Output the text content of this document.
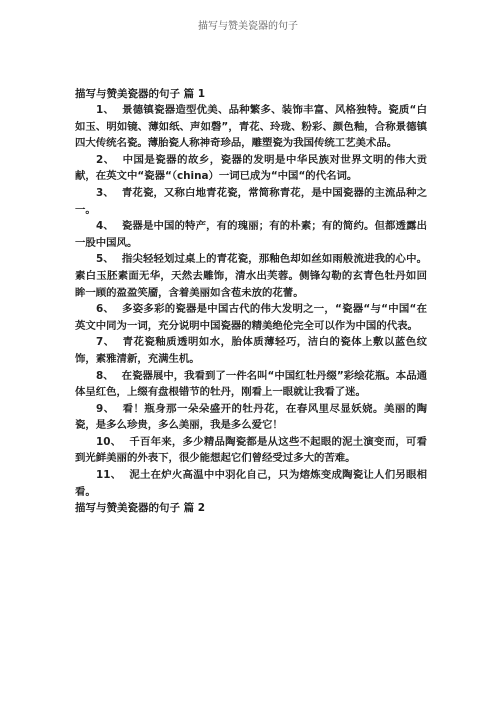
描写与赞美瓷器的句子

描写与赞美瓷器的句子 篇 1

1、 景德镇瓷器造型优美、品种繁多、装饰丰富、风格独特。瓷质“白如玉、明如镜、薄如纸、声如磬”，青花、玲珑、粉彩、颜色釉，合称景德镇四大传统名瓷。薄胎瓷人称神奇珍品，雕塑瓷为我国传统工艺美术品。

2、 中国是瓷器的故乡，瓷器的发明是中华民族对世界文明的伟大贡献，在英文中“瓷器“（china）一词已成为“中国“的代名词。

3、 青花瓷，又称白地青花瓷，常简称青花，是中国瓷器的主流品种之一。

4、 瓷器是中国的特产，有的瑰丽；有的朴素；有的简约。但都透露出一股中国风。

5、 指尖轻轻划过桌上的青花瓷，那釉色却如丝如雨般流进我的心中。素白玉胚素面无华，天然去雕饰，清水出芙蓉。侧锋勾勒的玄青色牡丹如回眸一顾的盈盈笑靥，含着美丽如含苞未放的花蕾。

6、 多姿多彩的瓷器是中国古代的伟大发明之一，“瓷器“与“中国“在英文中同为一词，充分说明中国瓷器的精美绝伦完全可以作为中国的代表。

7、 青花瓷釉质透明如水，胎体质薄轻巧，洁白的瓷体上敷以蓝色纹饰，素雅清新，充满生机。

8、 在瓷器展中，我看到了一件名叫“中国红牡丹缀”彩绘花瓶。本品通体呈红色，上缀有盘根错节的牡丹，刚看上一眼就让我看了迷。

9、 看！瓶身那一朵朵盛开的牡丹花，在春风里尽显妖娆。美丽的陶瓷，是多么珍贵，多么美丽，我是多么爱它！

10、 千百年来，多少精品陶瓷都是从这些不起眼的泥土演变而，可看到光鲜美丽的外表下，很少能想起它们曾经受过多大的苦难。

11、 泥土在炉火高温中中羽化自己，只为熔炼变成陶瓷让人们另眼相看。

描写与赞美瓷器的句子 篇 2
